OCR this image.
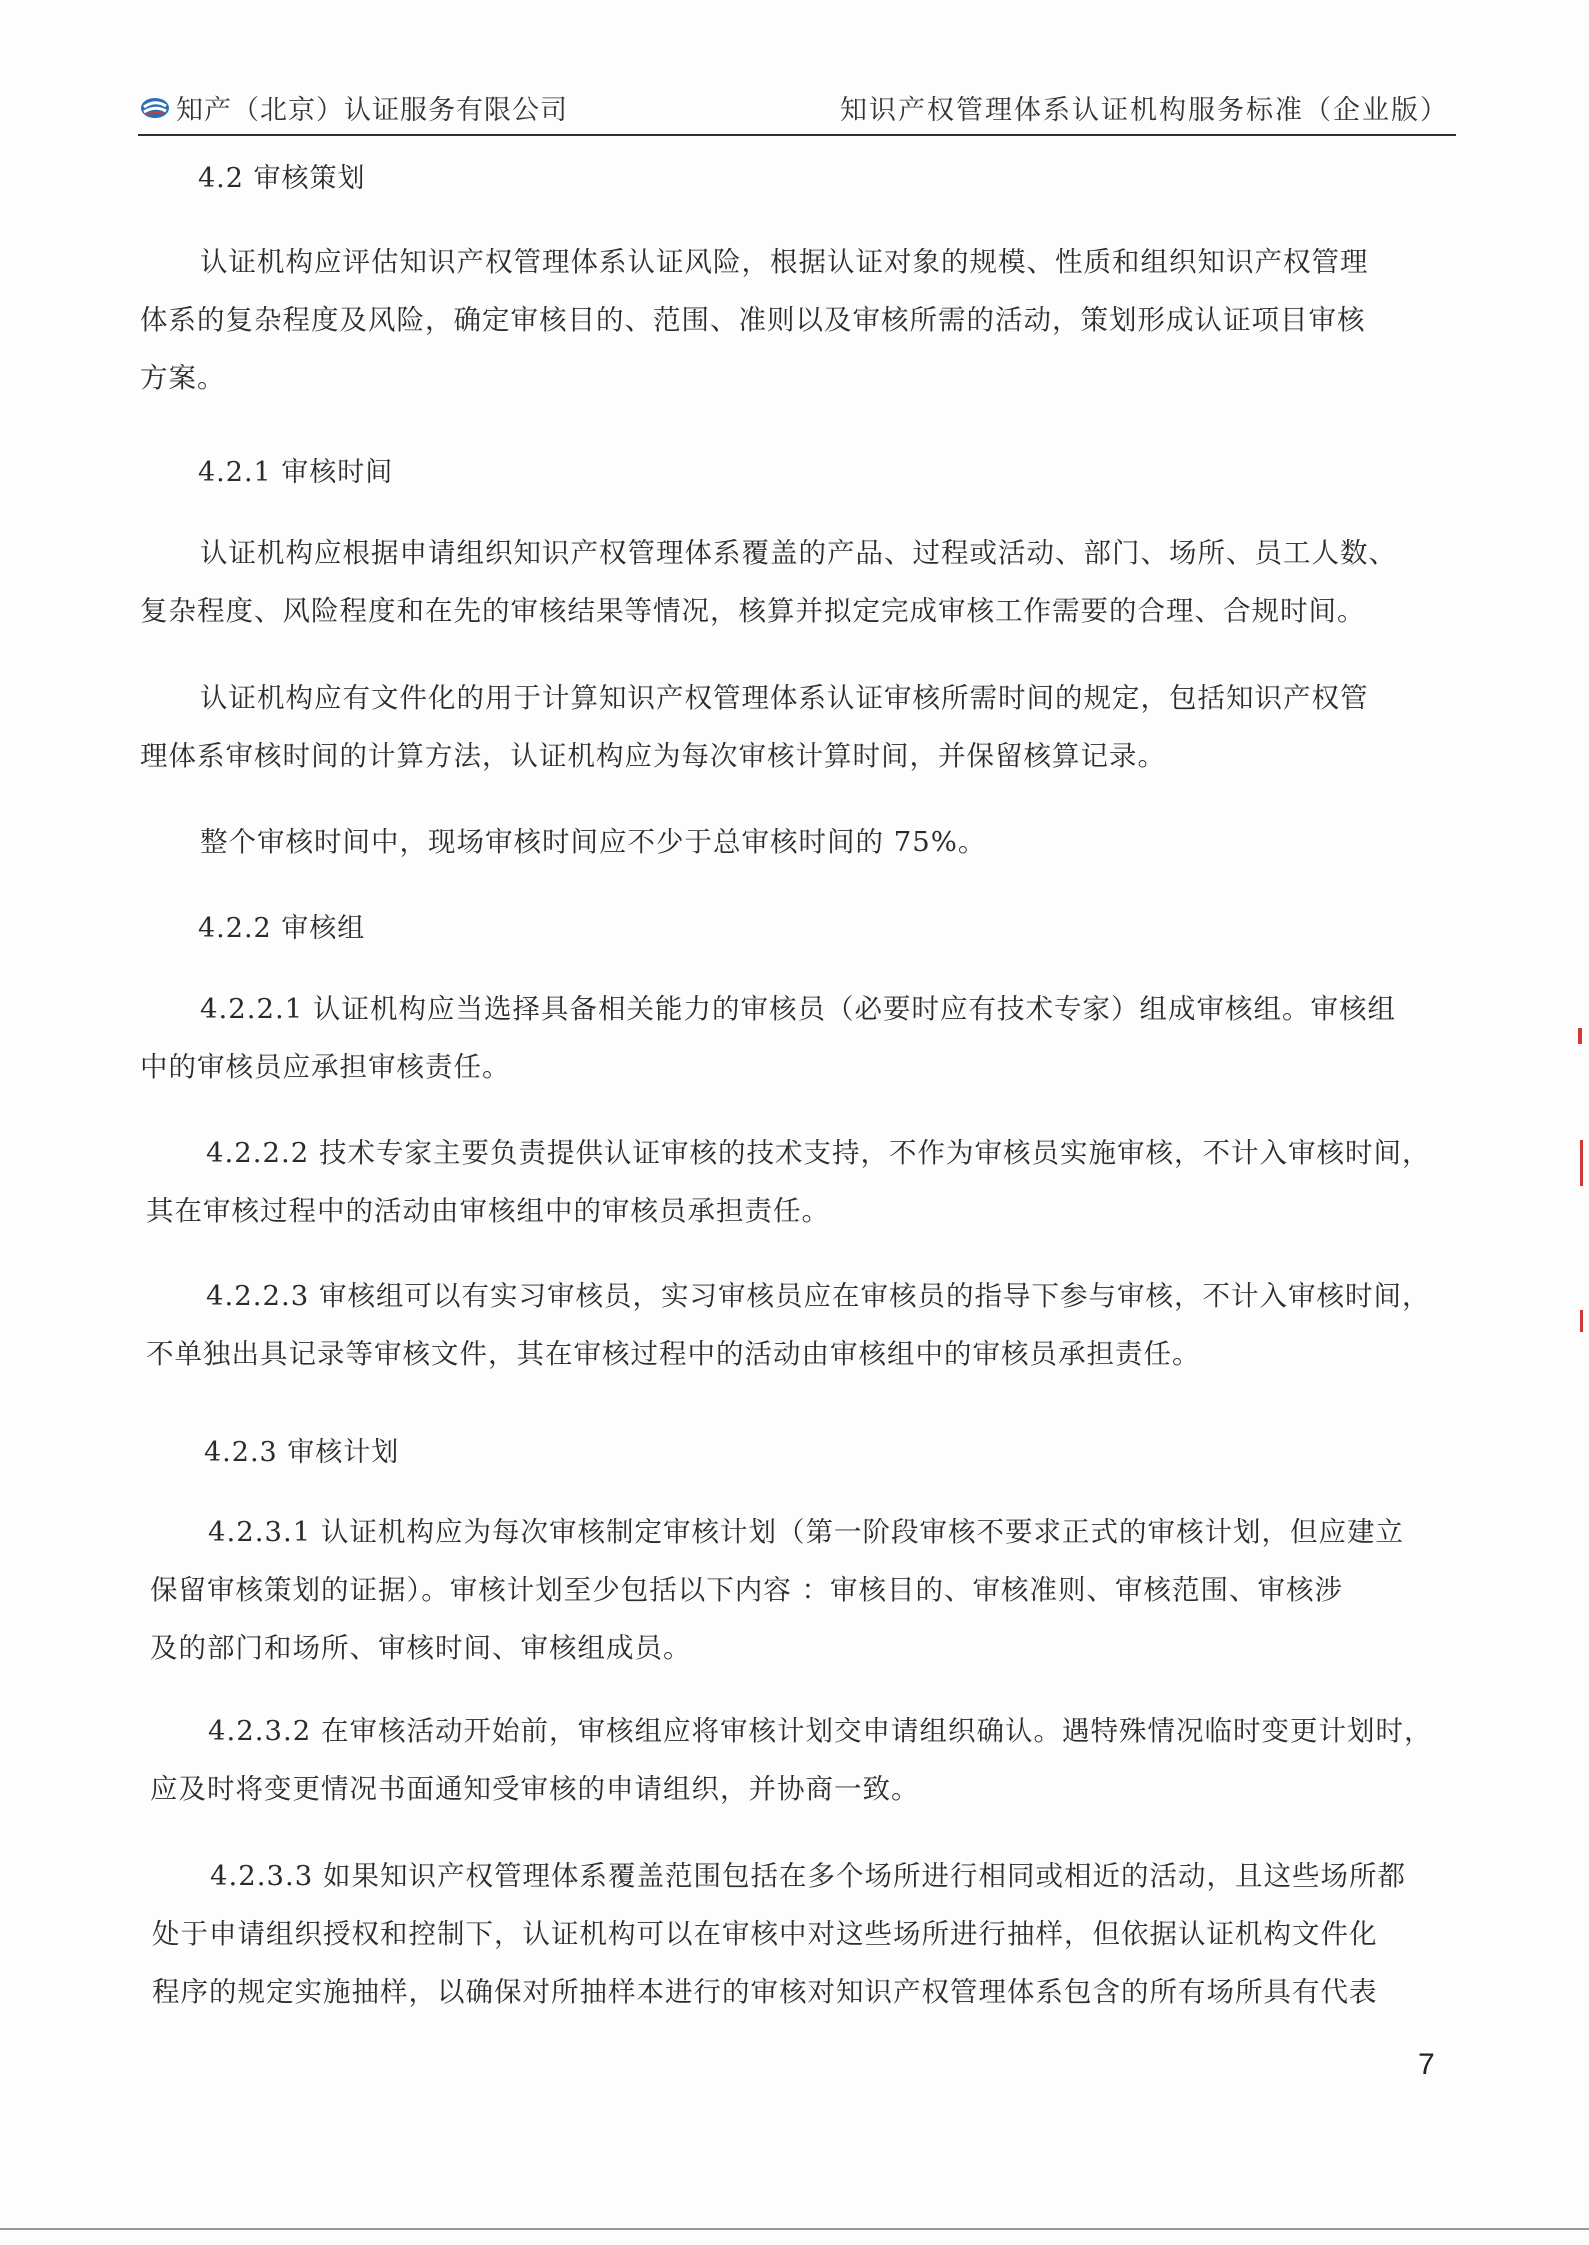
知产（北京）认证服务有限公司	知识产权管理体系认证机构服务标准（企业版）
4.2 审核策划
认证机构应评估知识产权管理体系认证风险，根据认证对象的规模、性质和组织知识产权管理
体系的复杂程度及风险，确定审核目的、范围、准则以及审核所需的活动，策划形成认证项目审核
方案。
4.2.1 审核时间
认证机构应根据申请组织知识产权管理体系覆盖的产品、过程或活动、部门、场所、员工人数、
复杂程度、风险程度和在先的审核结果等情况，核算并拟定完成审核工作需要的合理、合规时间。
认证机构应有文件化的用于计算知识产权管理体系认证审核所需时间的规定，包括知识产权管
理体系审核时间的计算方法，认证机构应为每次审核计算时间，并保留核算记录。
整个审核时间中，现场审核时间应不少于总审核时间的 75%。
4.2.2 审核组
4.2.2.1 认证机构应当选择具备相关能力的审核员（必要时应有技术专家）组成审核组。审核组
中的审核员应承担审核责任。
4.2.2.2 技术专家主要负责提供认证审核的技术支持，不作为审核员实施审核，不计入审核时间，
其在审核过程中的活动由审核组中的审核员承担责任。
4.2.2.3 审核组可以有实习审核员，实习审核员应在审核员的指导下参与审核，不计入审核时间，
不单独出具记录等审核文件，其在审核过程中的活动由审核组中的审核员承担责任。
4.2.3 审核计划
4.2.3.1 认证机构应为每次审核制定审核计划（第一阶段审核不要求正式的审核计划，但应建立
保留审核策划的证据）。审核计划至少包括以下内容 ：审核目的、审核准则、审核范围、审核涉
及的部门和场所、审核时间、审核组成员。
4.2.3.2 在审核活动开始前，审核组应将审核计划交申请组织确认。遇特殊情况临时变更计划时，
应及时将变更情况书面通知受审核的申请组织，并协商一致。
4.2.3.3 如果知识产权管理体系覆盖范围包括在多个场所进行相同或相近的活动，且这些场所都
处于申请组织授权和控制下，认证机构可以在审核中对这些场所进行抽样，但依据认证机构文件化
程序的规定实施抽样，以确保对所抽样本进行的审核对知识产权管理体系包含的所有场所具有代表
7
